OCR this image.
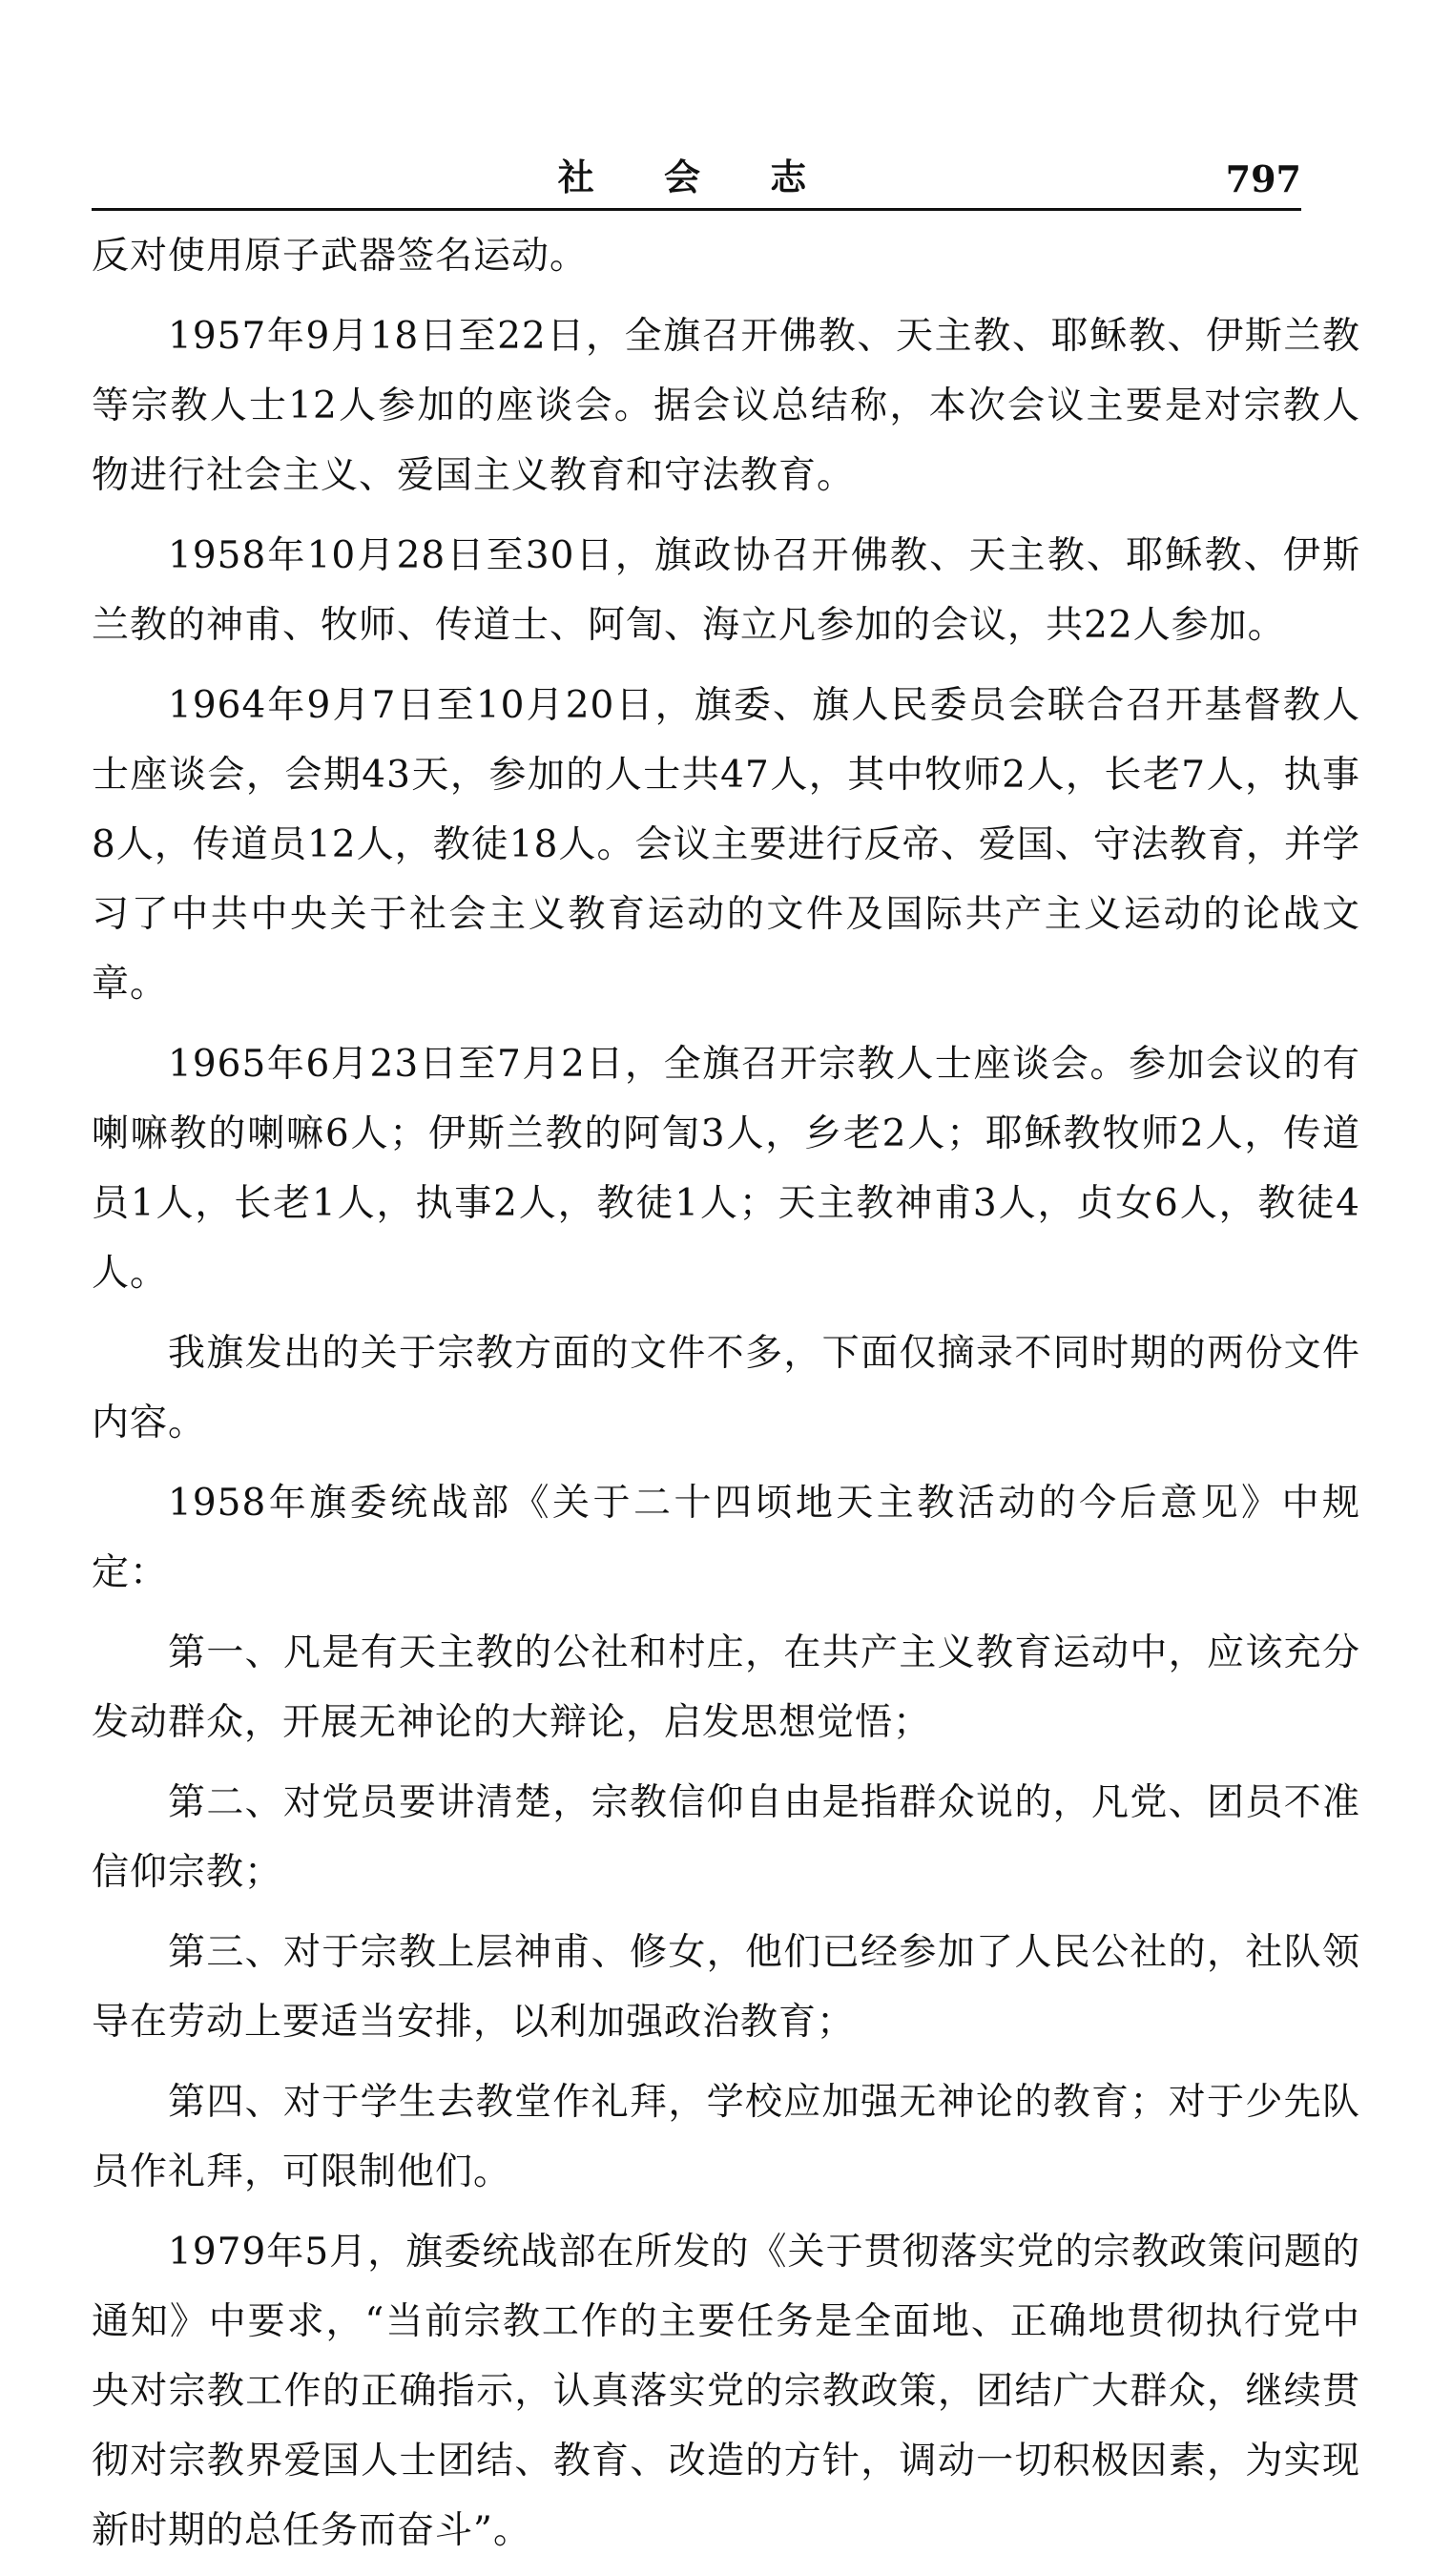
社 会 志	797

反对使用原子武器签名运动。

1957年9月18日至22日，全旗召开佛教、天主教、耶稣教、伊斯兰教等宗教人士12人参加的座谈会。据会议总结称，本次会议主要是对宗教人物进行社会主义、爱国主义教育和守法教育。

1958年10月28日至30日，旗政协召开佛教、天主教、耶稣教、伊斯兰教的神甫、牧师、传道士、阿訇、海立凡参加的会议，共22人参加。

1964年9月7日至10月20日，旗委、旗人民委员会联合召开基督教人士座谈会，会期43天，参加的人士共47人，其中牧师2人，长老7人，执事8人，传道员12人，教徒18人。会议主要进行反帝、爱国、守法教育，并学习了中共中央关于社会主义教育运动的文件及国际共产主义运动的论战文章。

1965年6月23日至7月2日，全旗召开宗教人士座谈会。参加会议的有喇嘛教的喇嘛6人；伊斯兰教的阿訇3人，乡老2人；耶稣教牧师2人，传道员1人，长老1人，执事2人，教徒1人；天主教神甫3人，贞女6人，教徒4人。

我旗发出的关于宗教方面的文件不多，下面仅摘录不同时期的两份文件内容。

1958年旗委统战部《关于二十四顷地天主教活动的今后意见》中规定：

第一、凡是有天主教的公社和村庄，在共产主义教育运动中，应该充分发动群众，开展无神论的大辩论，启发思想觉悟；

第二、对党员要讲清楚，宗教信仰自由是指群众说的，凡党、团员不准信仰宗教；

第三、对于宗教上层神甫、修女，他们已经参加了人民公社的，社队领导在劳动上要适当安排，以利加强政治教育；

第四、对于学生去教堂作礼拜，学校应加强无神论的教育；对于少先队员作礼拜，可限制他们。

1979年5月，旗委统战部在所发的《关于贯彻落实党的宗教政策问题的通知》中要求，“当前宗教工作的主要任务是全面地、正确地贯彻执行党中央对宗教工作的正确指示，认真落实党的宗教政策，团结广大群众，继续贯彻对宗教界爱国人士团结、教育、改造的方针，调动一切积极因素，为实现新时期的总任务而奋斗”。
